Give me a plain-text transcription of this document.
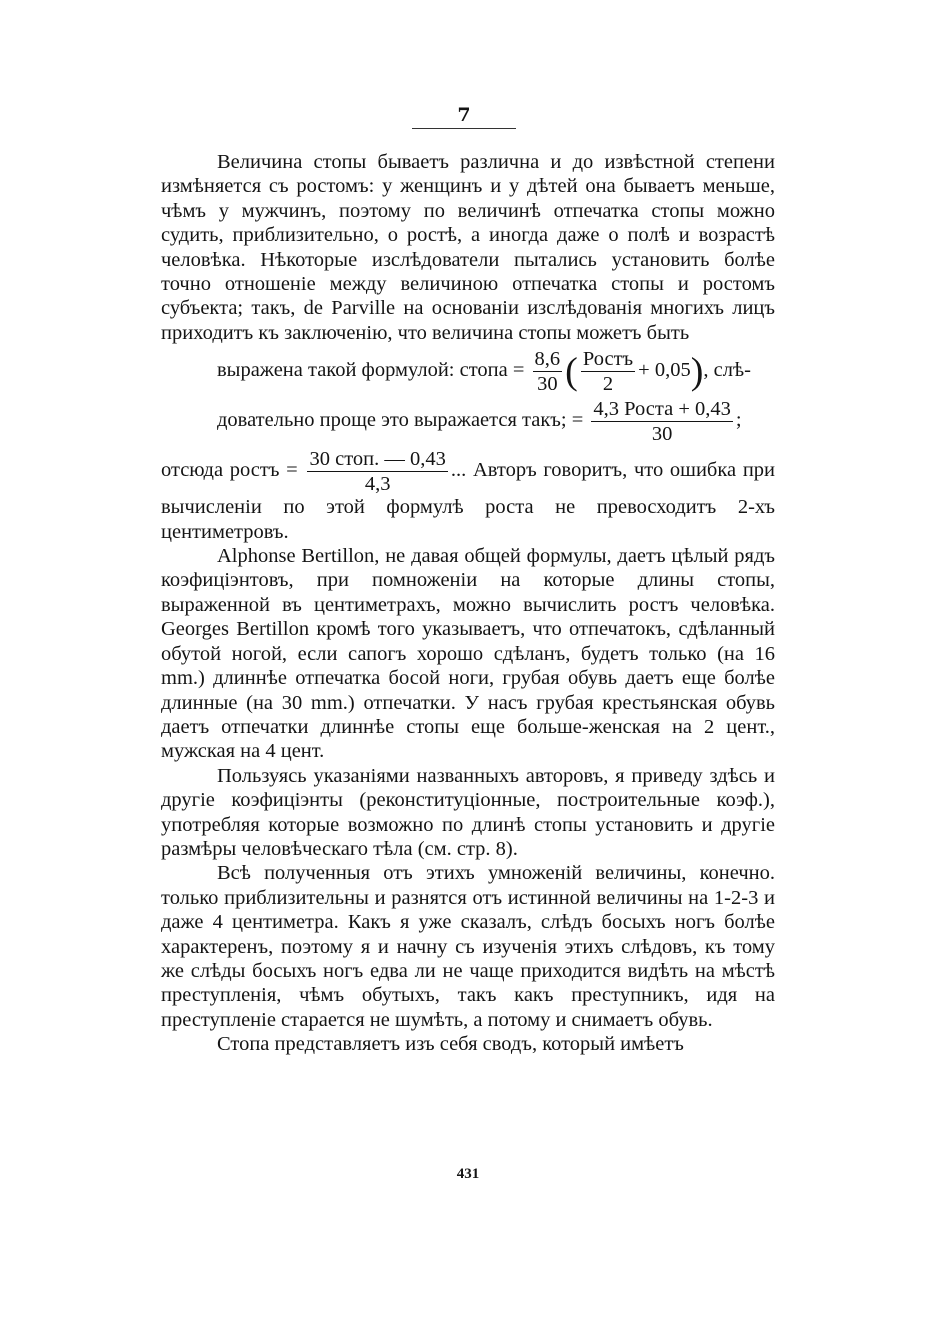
7

Величина стопы бываетъ различна и до извѣстной степени измѣняется съ ростомъ: у женщинъ и у дѣтей она бываетъ меньше, чѣмъ у мужчинъ, поэтому по величинѣ отпечатка стопы можно судить, приблизительно, о ростѣ, а иногда даже о полѣ и возрастѣ человѣка. Нѣкоторые изслѣдователи пытались установить болѣе точно отношеніе между величиною отпечатка стопы и ростомъ субъекта; такъ, de Parville на основаніи изслѣдованія многихъ лицъ приходитъ къ заключенію, что величина стопы можетъ быть
выражена такой формулой: стопа = $\frac{8,6}{30}$ ( $\frac{\text{Ростъ}}{2} + 0,05$), слѣ-
довательно проще это выражается такъ; = $\frac{\text{4,3 Роста + 0,43}}{30}$ ;
отсюда ростъ = $\frac{\text{30 стоп. — 0,43}}{4,3}$ ... Авторъ говоритъ, что ошибка при вычисленіи по этой формулѣ роста не превосходитъ 2-хъ центиметровъ.

Alphonse Bertillon, не давая общей формулы, даетъ цѣлый рядъ коэфиціэнтовъ, при помноженіи на которые длины стопы, выраженной въ центиметрахъ, можно вычислить ростъ человѣка. Georges Bertillon кромѣ того указываетъ, что отпечатокъ, сдѣланный обутой ногой, если сапогъ хорошо сдѣланъ, будетъ только (на 16 mm.) длиннѣе отпечатка босой ноги, грубая обувь даетъ еще болѣе длинные (на 30 mm.) отпечатки. У насъ грубая крестьянская обувь даетъ отпечатки длиннѣе стопы еще больше-женская на 2 цент., мужская на 4 цент.

Пользуясь указаніями названныхъ авторовъ, я приведу здѣсь и другіе коэфиціэнты (реконституціонные, построительные коэф.), употребляя которые возможно по длинѣ стопы установить и другіе размѣры человѣческаго тѣла (см. стр. 8).

Всѣ полученныя отъ этихъ умноженій величины, конечно. только приблизительны и разнятся отъ истинной величины на 1-2-3 и даже 4 центиметра. Какъ я уже сказалъ, слѣдъ босыхъ ногъ болѣе характеренъ, поэтому я и начну съ изученія этихъ слѣдовъ, къ тому же слѣды босыхъ ногъ едва ли не чаще приходится видѣть на мѣстѣ преступленія, чѣмъ обутыхъ, такъ какъ преступникъ, идя на преступленіе старается не шумѣть, а потому и снимаетъ обувь.

Стопа представляетъ изъ себя сводъ, который имѣетъ

431
